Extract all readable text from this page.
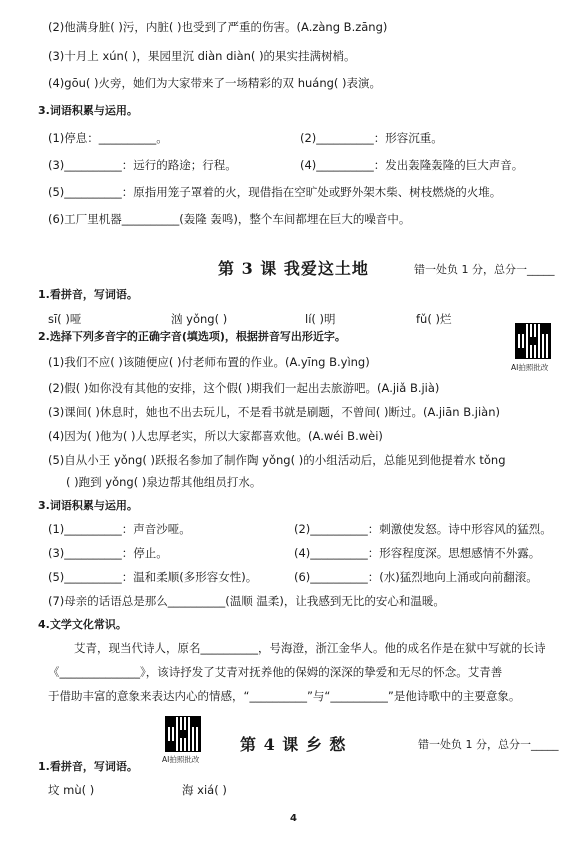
(2)他满身脏( )污，内脏( )也受到了严重的伤害。(A.zàng B.zāng)
(3)十月上 xún( )，果园里沉 diàn diàn( )的果实挂满树梢。
(4)gōu( )火旁，她们为大家带来了一场精彩的双 huáng( )表演。
3.词语积累与运用。
(1)停息：__________。	(2)__________：形容沉重。
(3)__________：远行的路途；行程。	(4)__________：发出轰隆轰隆的巨大声音。
(5)__________：原指用笼子罩着的火，现借指在空旷处或野外架木柴、树枝燃烧的火堆。
(6)工厂里机器__________(轰隆 轰鸣)，整个车间都埋在巨大的噪音中。
第 3 课 我爱这土地	错一处负 1 分，总分一_____
1.看拼音，写词语。
sī( )哑	汹 yǒng( )	lí( )明	fǔ( )烂
2.选择下列多音字的正确字音(填选项)，根据拼音写出形近字。
AI拍照批改
(1)我们不应( )该随便应( )付老师布置的作业。(A.yīng B.yìng)
(2)假( )如你没有其他的安排，这个假( )期我们一起出去旅游吧。(A.jiǎ B.jià)
(3)课间( )休息时，她也不出去玩儿，不是看书就是刷题，不曾间( )断过。(A.jiān B.jiàn)
(4)因为( )他为( )人忠厚老实，所以大家都喜欢他。(A.wéi B.wèi)
(5)自从小王 yǒng( )跃报名参加了制作陶 yǒng( )的小组活动后，总能见到他提着水 tǒng
( )跑到 yǒng( )泉边帮其他组员打水。
3.词语积累与运用。
(1)__________：声音沙哑。	(2)__________：刺激使发怒。诗中形容风的猛烈。
(3)__________：停止。	(4)__________：形容程度深。思想感情不外露。
(5)__________：温和柔顺(多形容女性)。	(6)__________：(水)猛烈地向上涌或向前翻滚。
(7)母亲的话语总是那么__________(温顺 温柔)，让我感到无比的安心和温暖。
4.文学文化常识。
艾青，现当代诗人，原名__________，号海澄，浙江金华人。他的成名作是在狱中写就的长诗
《______________》，该诗抒发了艾青对抚养他的保姆的深深的挚爱和无尽的怀念。艾青善
于借助丰富的意象来表达内心的情感，“__________”与“__________”是他诗歌中的主要意象。
AI拍照批改
第 4 课 乡 愁	错一处负 1 分，总分一_____
1.看拼音，写词语。
坟 mù( )	海 xiá( )
4
